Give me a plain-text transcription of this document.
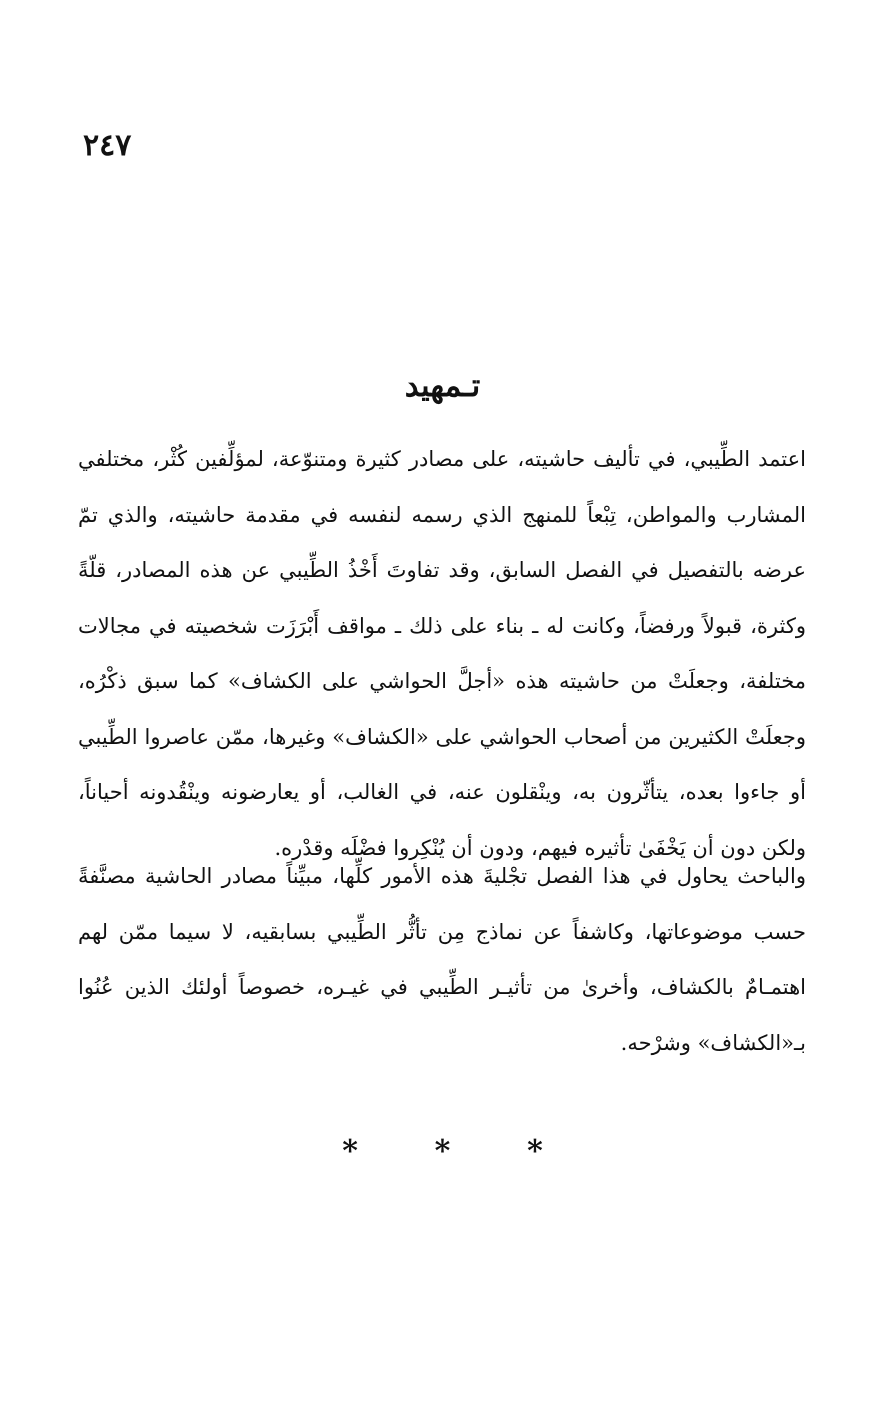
٢٤٧
تـمهيد

اعتمد الطِّيبي، في تأليف حاشيته، على مصادر كثيرة ومتنوّعة، لمؤلِّفين كُثْر، مختلفي المشارب والمواطن، تِبْعاً للمنهج الذي رسمه لنفسه في مقدمة حاشيته، والذي تمّ عرضه بالتفصيل في الفصل السابق، وقد تفاوتَ أَخْذُ الطِّيبي عن هذه المصادر، قلّةً وكثرة، قبولاً ورفضاً، وكانت له ـ بناء على ذلك ـ مواقف أَبْرَزَت شخصيته في مجالات مختلفة، وجعلَتْ من حاشيته هذه «أجلَّ الحواشي على الكشاف» كما سبق ذكْرُه، وجعلَتْ الكثيرين من أصحاب الحواشي على «الكشاف» وغيرها، ممّن عاصروا الطِّيبي أو جاءوا بعده، يتأثّرون به، وينْقلون عنه، في الغالب، أو يعارضونه وينْقُدونه أحياناً، ولكن دون أن يَخْفَىٰ تأثيره فيهم، ودون أن يُنْكِروا فضْلَه وقدْره.

والباحث يحاول في هذا الفصل تجْليةَ هذه الأمور كلِّها، مبيِّناً مصادر الحاشية مصنَّفةً حسب موضوعاتها، وكاشفاً عن نماذج مِن تأثُّر الطِّيبي بسابقيه، لا سيما ممّن لهم اهتمـامٌ بالكشاف، وأخرىٰ من تأثيـر الطِّيبي في غيـره، خصوصاً أولئك الذين عُنُوا بـ«الكشاف» وشرْحه.

*	*	*
